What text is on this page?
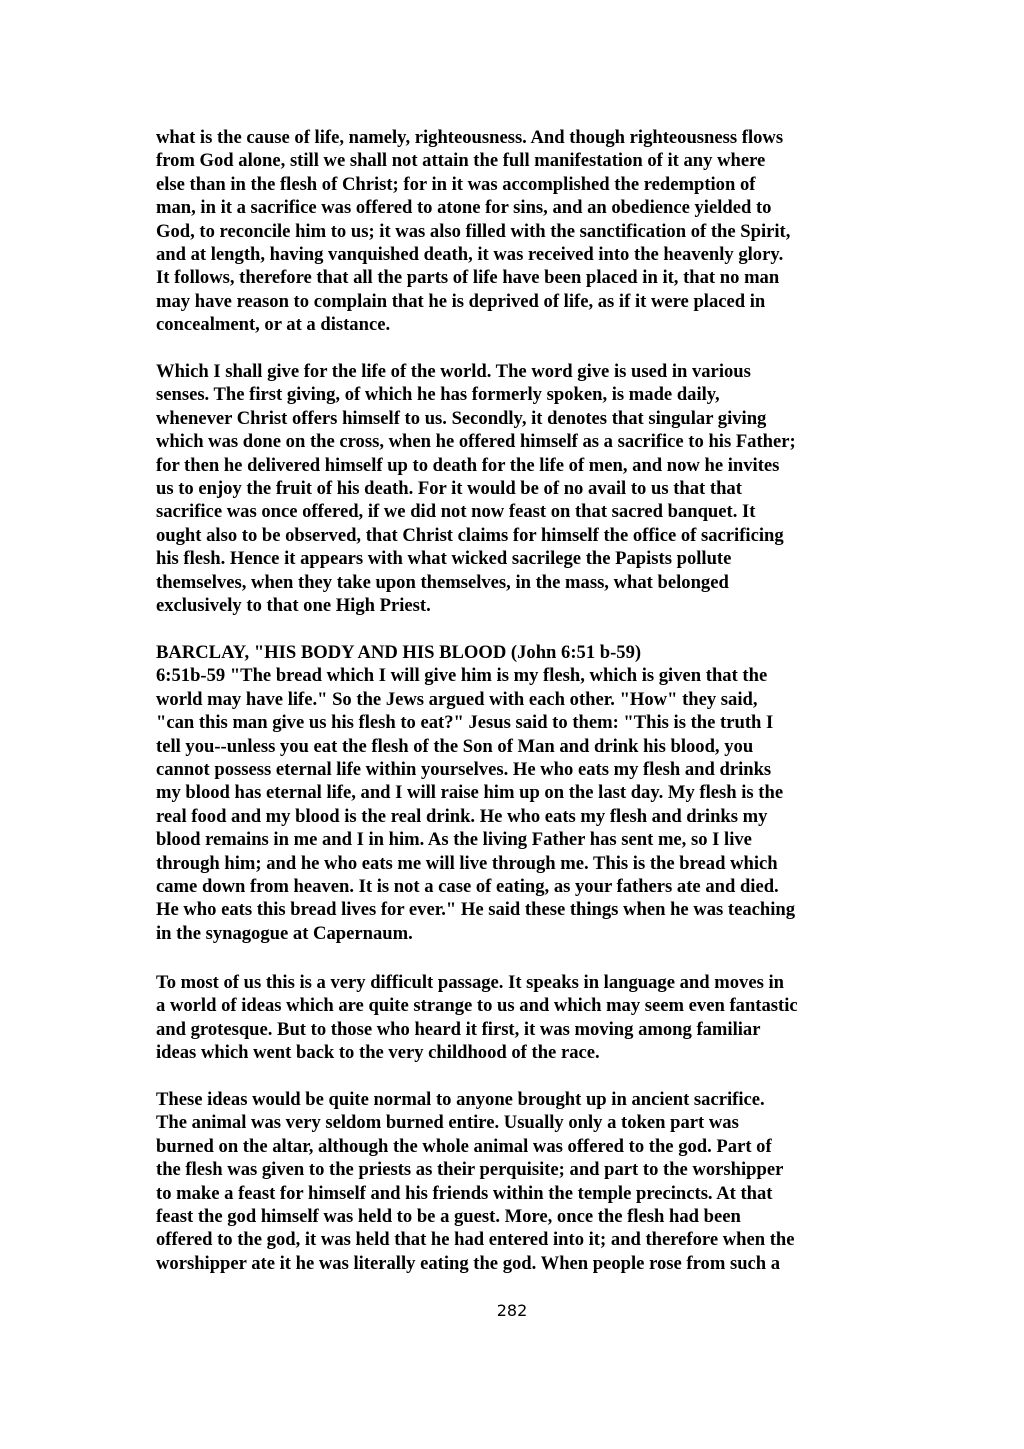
what is the cause of life, namely, righteousness. And though righteousness flows
from God alone, still we shall not attain the full manifestation of it any where
else than in the flesh of Christ; for in it was accomplished the redemption of
man, in it a sacrifice was offered to atone for sins, and an obedience yielded to
God, to reconcile him to us; it was also filled with the sanctification of the Spirit,
and at length, having vanquished death, it was received into the heavenly glory.
It follows, therefore that all the parts of life have been placed in it, that no man
may have reason to complain that he is deprived of life, as if it were placed in
concealment, or at a distance.

Which I shall give for the life of the world. The word give is used in various
senses. The first giving, of which he has formerly spoken, is made daily,
whenever Christ offers himself to us. Secondly, it denotes that singular giving
which was done on the cross, when he offered himself as a sacrifice to his Father;
for then he delivered himself up to death for the life of men, and now he invites
us to enjoy the fruit of his death. For it would be of no avail to us that that
sacrifice was once offered, if we did not now feast on that sacred banquet. It
ought also to be observed, that Christ claims for himself the office of sacrificing
his flesh. Hence it appears with what wicked sacrilege the Papists pollute
themselves, when they take upon themselves, in the mass, what belonged
exclusively to that one High Priest.

BARCLAY, "HIS BODY AND HIS BLOOD (John 6:51 b-59)
6:51b-59 "The bread which I will give him is my flesh, which is given that the
world may have life." So the Jews argued with each other. "How" they said,
"can this man give us his flesh to eat?" Jesus said to them: "This is the truth I
tell you--unless you eat the flesh of the Son of Man and drink his blood, you
cannot possess eternal life within yourselves. He who eats my flesh and drinks
my blood has eternal life, and I will raise him up on the last day. My flesh is the
real food and my blood is the real drink. He who eats my flesh and drinks my
blood remains in me and I in him. As the living Father has sent me, so I live
through him; and he who eats me will live through me. This is the bread which
came down from heaven. It is not a case of eating, as your fathers ate and died.
He who eats this bread lives for ever." He said these things when he was teaching
in the synagogue at Capernaum.

To most of us this is a very difficult passage. It speaks in language and moves in
a world of ideas which are quite strange to us and which may seem even fantastic
and grotesque. But to those who heard it first, it was moving among familiar
ideas which went back to the very childhood of the race.

These ideas would be quite normal to anyone brought up in ancient sacrifice.
The animal was very seldom burned entire. Usually only a token part was
burned on the altar, although the whole animal was offered to the god. Part of
the flesh was given to the priests as their perquisite; and part to the worshipper
to make a feast for himself and his friends within the temple precincts. At that
feast the god himself was held to be a guest. More, once the flesh had been
offered to the god, it was held that he had entered into it; and therefore when the
worshipper ate it he was literally eating the god. When people rose from such a

282
